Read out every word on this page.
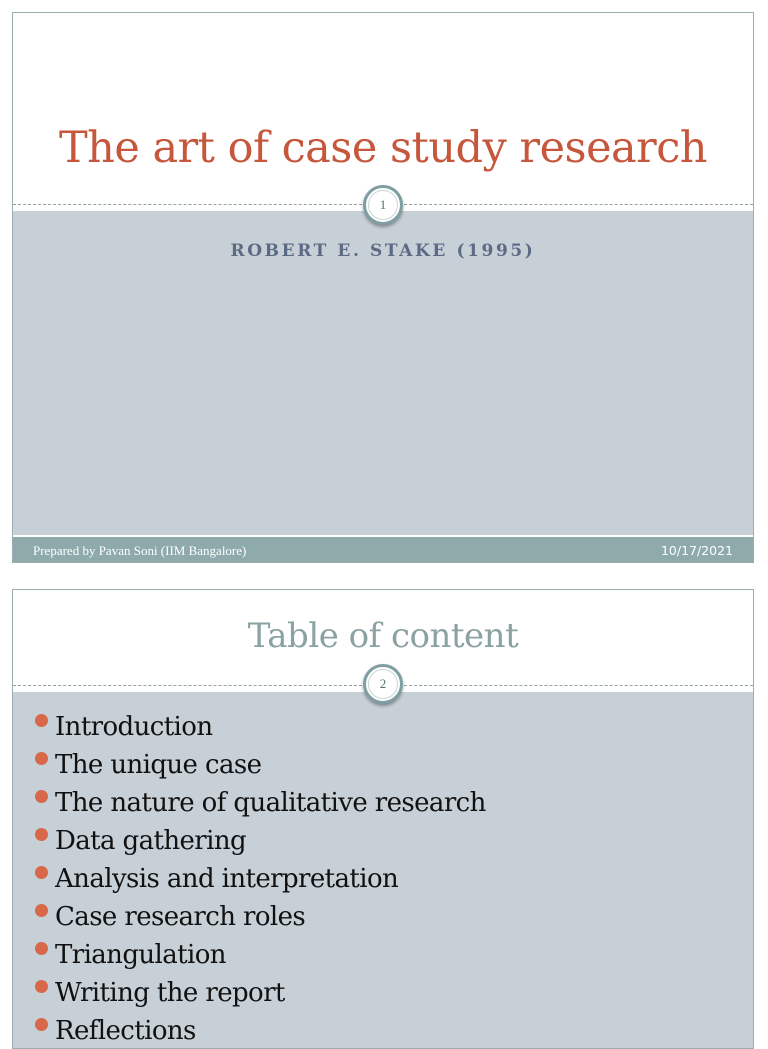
The art of case study research
1
ROBERT E. STAKE (1995)
Prepared by Pavan Soni (IIM Bangalore)	10/17/2021
Table of content
2
Introduction
The unique case
The nature of qualitative research
Data gathering
Analysis and interpretation
Case research roles
Triangulation
Writing the report
Reflections
